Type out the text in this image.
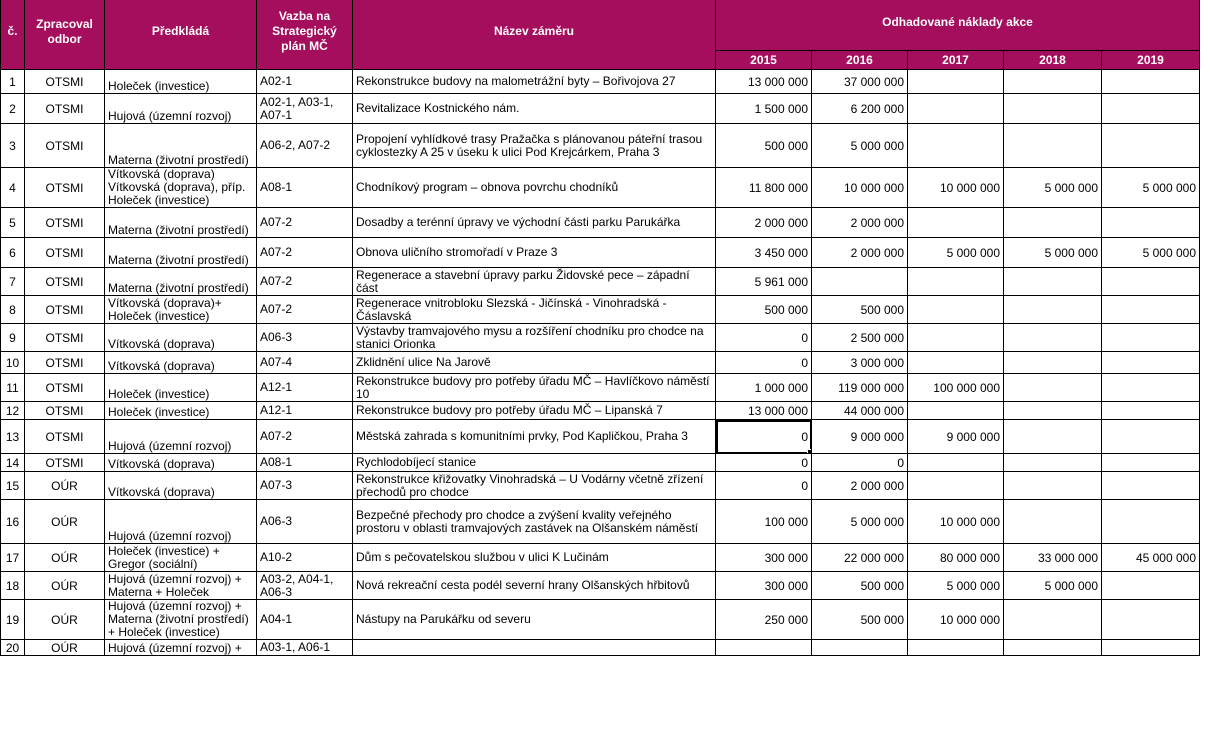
č.	Zpracoval odbor	Předkládá	Vazba na Strategický plán MČ	Název záměru	Odhadované náklady akce				
					2015	2016	2017	2018	2019
1	OTSMI	Holeček (investice)	A02-1	Rekonstrukce budovy na malometrážní byty – Bořivojova 27	13 000 000	37 000 000			
2	OTSMI	Hujová (územní rozvoj)	A02-1, A03-1, A07-1	Revitalizace Kostnického nám.	1 500 000	6 200 000			
3	OTSMI	Materna (životní prostředí)	A06-2, A07-2	Propojení vyhlídkové trasy Pražačka s plánovanou páteřní trasou cyklostezky A 25 v úseku k ulici Pod Krejcárkem, Praha 3	500 000	5 000 000			
4	OTSMI	Vítkovská (doprava) Vítkovská (doprava), příp. Holeček (investice)	A08-1	Chodníkový program – obnova povrchu chodníků	11 800 000	10 000 000	10 000 000	5 000 000	5 000 000
5	OTSMI	Materna (životní prostředí)	A07-2	Dosadby a terénní úpravy ve východní části parku Parukářka	2 000 000	2 000 000			
6	OTSMI	Materna (životní prostředí)	A07-2	Obnova uličního stromořadí v Praze 3	3 450 000	2 000 000	5 000 000	5 000 000	5 000 000
7	OTSMI	Materna (životní prostředí)	A07-2	Regenerace a stavební úpravy parku Židovské pece – západní část	5 961 000				
8	OTSMI	Vítkovská (doprava)+ Holeček (investice)	A07-2	Regenerace vnitrobloku Slezská - Jičínská - Vinohradská - Čáslavská	500 000	500 000			
9	OTSMI	Vítkovská (doprava)	A06-3	Výstavby tramvajového mysu a rozšíření chodníku pro chodce na stanici Orionka	0	2 500 000			
10	OTSMI	Vítkovská (doprava)	A07-4	Zklidnění ulice Na Jarově	0	3 000 000			
11	OTSMI	Holeček (investice)	A12-1	Rekonstrukce budovy pro potřeby úřadu MČ – Havlíčkovo náměstí 10	1 000 000	119 000 000	100 000 000		
12	OTSMI	Holeček (investice)	A12-1	Rekonstrukce budovy pro potřeby úřadu MČ – Lipanská 7	13 000 000	44 000 000			
13	OTSMI	Hujová (územní rozvoj)	A07-2	Městská zahrada s komunitními prvky, Pod Kapličkou, Praha 3	0	9 000 000	9 000 000		
14	OTSMI	Vítkovská (doprava)	A08-1	Rychlodobíjecí stanice	0	0			
15	OÚR	Vítkovská (doprava)	A07-3	Rekonstrukce křižovatky Vinohradská – U Vodárny včetně zřízení přechodů pro chodce	0	2 000 000			
16	OÚR	Hujová (územní rozvoj)	A06-3	Bezpečné přechody pro chodce a zvýšení kvality veřejného prostoru v oblasti tramvajových zastávek na Olšanském náměstí	100 000	5 000 000	10 000 000		
17	OÚR	Holeček (investice) + Gregor (sociální)	A10-2	Dům s pečovatelskou službou v ulici K Lučinám	300 000	22 000 000	80 000 000	33 000 000	45 000 000
18	OÚR	Hujová (územní rozvoj) + Materna + Holeček	A03-2, A04-1, A06-3	Nová rekreační cesta podél severní hrany Olšanských hřbitovů	300 000	500 000	5 000 000	5 000 000	
19	OÚR	Hujová (územní rozvoj) + Materna (životní prostředí) + Holeček (investice)	A04-1	Nástupy na Parukářku od severu	250 000	500 000	10 000 000		
20	OÚR	Hujová (územní rozvoj) +	A03-1, A06-1						
